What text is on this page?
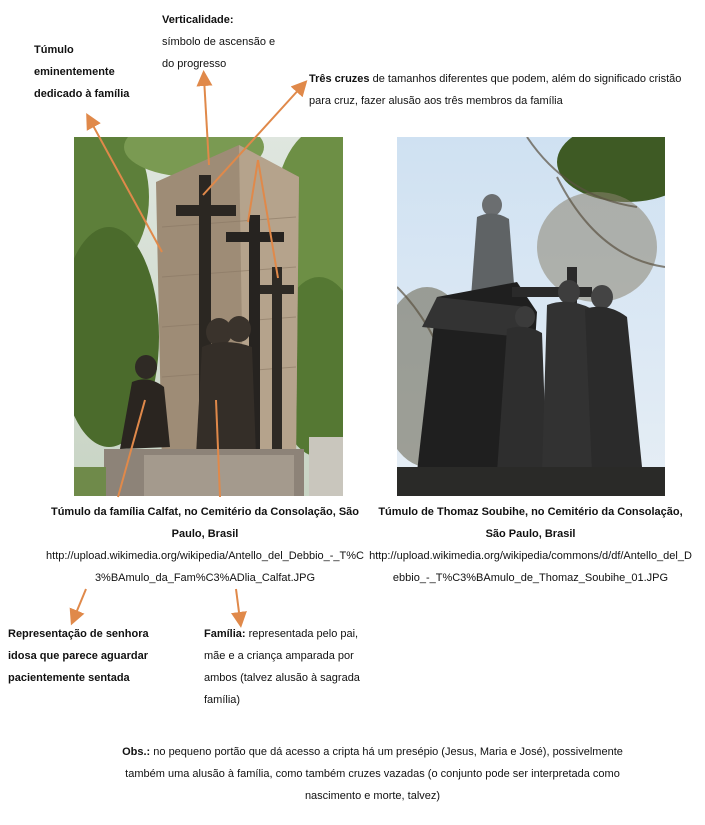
Túmulo eminentemente dedicado à família
Verticalidade:
símbolo de ascensão e do progresso
Três cruzes de tamanhos diferentes que podem, além do significado cristão para cruz, fazer alusão aos três membros da família
Túmulo da família Calfat, no Cemitério da Consolação, São Paulo, Brasil
http://upload.wikimedia.org/wikipedia/Antello_del_Debbio_-_T%C3%BAmulo_da_Fam%C3%ADlia_Calfat.JPG
Túmulo de Thomaz Soubihe, no Cemitério da Consolação, São Paulo, Brasil
http://upload.wikimedia.org/wikipedia/commons/d/df/Antello_del_Debbio_-_T%C3%BAmulo_de_Thomaz_Soubihe_01.JPG
Representação de senhora idosa que parece aguardar pacientemente sentada
Família: representada pelo pai, mãe e a criança amparada por ambos (talvez alusão à sagrada família)
Obs.: no pequeno portão que dá acesso a cripta há um presépio (Jesus, Maria e José), possivelmente também uma alusão à família, como também cruzes vazadas (o conjunto pode ser interpretada como nascimento e morte, talvez)
